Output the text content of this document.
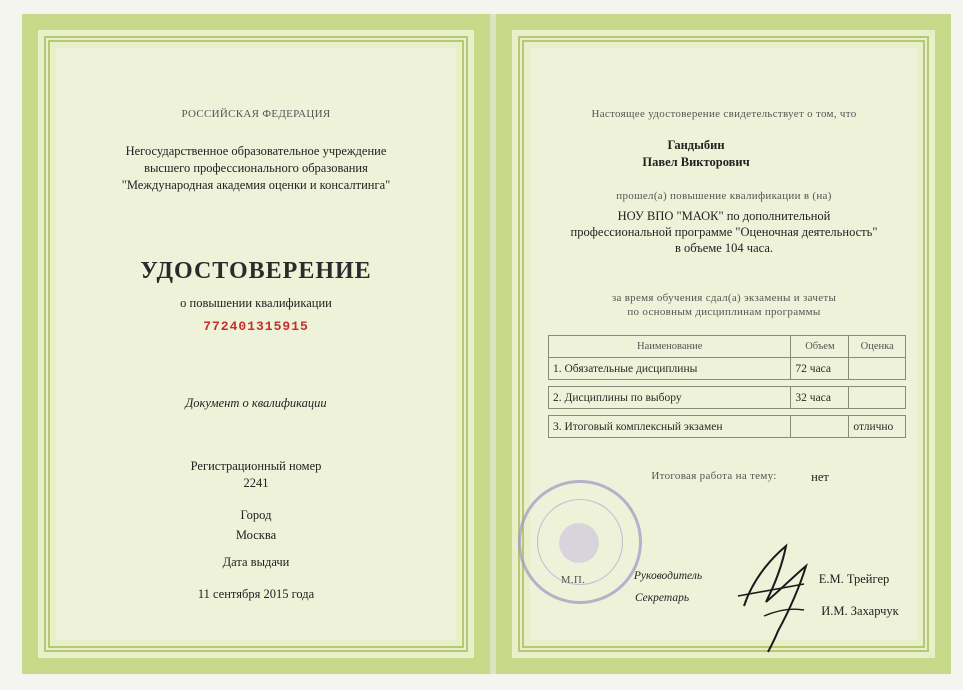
РОССИЙСКАЯ ФЕДЕРАЦИЯ
Негосударственное образовательное учреждение
высшего профессионального образования
"Международная академия оценки и консалтинга"
УДОСТОВЕРЕНИЕ
о повышении квалификации
772401315915
Документ о квалификации
Регистрационный номер
2241
Город
Москва
Дата выдачи
11 сентября 2015 года
Настоящее удостоверение свидетельствует о том, что
Гандыбин
Павел Викторович
прошел(а) повышение квалификации в (на)
НОУ ВПО "МАОК" по дополнительной
профессиональной программе "Оценочная деятельность"
в объеме 104 часа.
за время обучения сдал(а) экзамены и зачеты
по основным дисциплинам программы
Наименование	Объем	Оценка
1. Обязательные дисциплины	72 часа	

2. Дисциплины по выбору	32 часа	

3. Итоговый комплексный экзамен		отлично
Итоговая работа на тему:	нет
М.П.	Руководитель
Секретарь
Е.М. Трейгер
И.М. Захарчук
